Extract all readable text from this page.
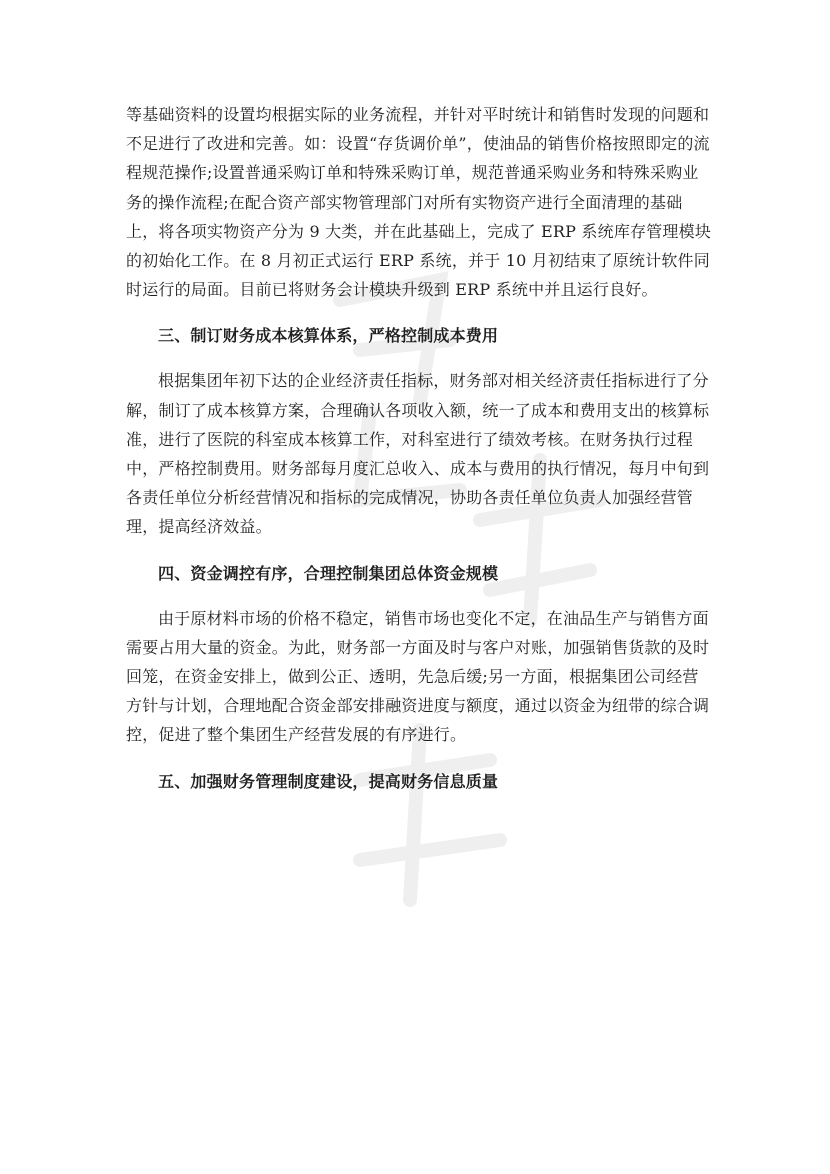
等基础资料的设置均根据实际的业务流程，并针对平时统计和销售时发现的问题和不足进行了改进和完善。如：设置“存货调价单”，使油品的销售价格按照即定的流程规范操作;设置普通采购订单和特殊采购订单，规范普通采购业务和特殊采购业务的操作流程;在配合资产部实物管理部门对所有实物资产进行全面清理的基础上，将各项实物资产分为 9 大类，并在此基础上，完成了 ERP 系统库存管理模块的初始化工作。在 8 月初正式运行 ERP 系统，并于 10 月初结束了原统计软件同时运行的局面。目前已将财务会计模块升级到 ERP 系统中并且运行良好。

三、制订财务成本核算体系，严格控制成本费用

根据集团年初下达的企业经济责任指标，财务部对相关经济责任指标进行了分解，制订了成本核算方案，合理确认各项收入额，统一了成本和费用支出的核算标准，进行了医院的科室成本核算工作，对科室进行了绩效考核。在财务执行过程中，严格控制费用。财务部每月度汇总收入、成本与费用的执行情况，每月中旬到各责任单位分析经营情况和指标的完成情况，协助各责任单位负责人加强经营管理，提高经济效益。

四、资金调控有序，合理控制集团总体资金规模

由于原材料市场的价格不稳定，销售市场也变化不定，在油品生产与销售方面需要占用大量的资金。为此，财务部一方面及时与客户对账，加强销售货款的及时回笼，在资金安排上，做到公正、透明，先急后缓;另一方面，根据集团公司经营方针与计划，合理地配合资金部安排融资进度与额度，通过以资金为纽带的综合调控，促进了整个集团生产经营发展的有序进行。

五、加强财务管理制度建设，提高财务信息质量
